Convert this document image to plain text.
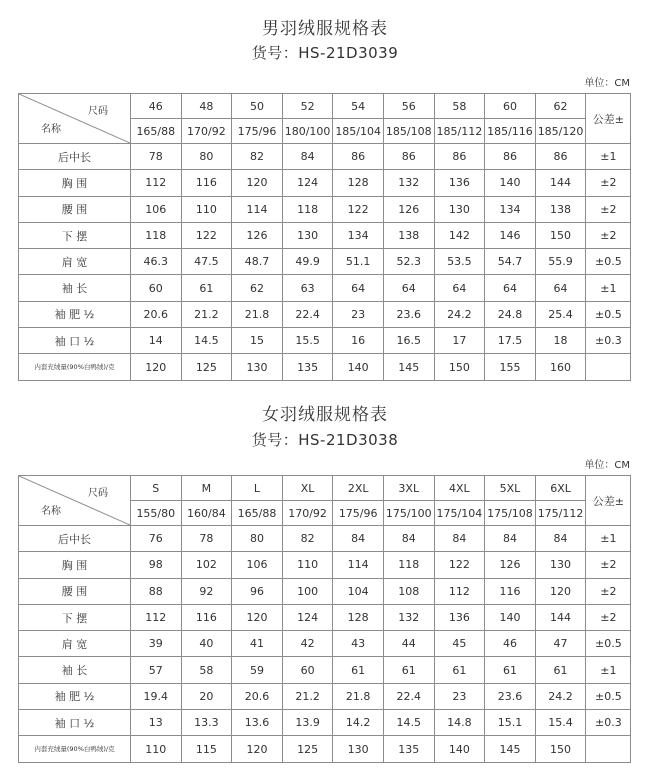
男羽绒服规格表
货号：HS-21D3039
单位：CM
尺码
名称	46	48	50	52	54	56	58	60	62	公差±
	165/88	170/92	175/96	180/100	185/104	185/108	185/112	185/116	185/120	
后中长	78	80	82	84	86	86	86	86	86	±1
胸 围	112	116	120	124	128	132	136	140	144	±2
腰 围	106	110	114	118	122	126	130	134	138	±2
下 摆	118	122	126	130	134	138	142	146	150	±2
肩 宽	46.3	47.5	48.7	49.9	51.1	52.3	53.5	54.7	55.9	±0.5
袖 长	60	61	62	63	64	64	64	64	64	±1
袖 肥 ½	20.6	21.2	21.8	22.4	23	23.6	24.2	24.8	25.4	±0.5
袖 口 ½	14	14.5	15	15.5	16	16.5	17	17.5	18	±0.3
内套充绒量(90%白鸭绒)/克	120	125	130	135	140	145	150	155	160	
女羽绒服规格表
货号：HS-21D3038
单位：CM
尺码
名称	S	M	L	XL	2XL	3XL	4XL	5XL	6XL	公差±
	155/80	160/84	165/88	170/92	175/96	175/100	175/104	175/108	175/112	
后中长	76	78	80	82	84	84	84	84	84	±1
胸 围	98	102	106	110	114	118	122	126	130	±2
腰 围	88	92	96	100	104	108	112	116	120	±2
下 摆	112	116	120	124	128	132	136	140	144	±2
肩 宽	39	40	41	42	43	44	45	46	47	±0.5
袖 长	57	58	59	60	61	61	61	61	61	±1
袖 肥 ½	19.4	20	20.6	21.2	21.8	22.4	23	23.6	24.2	±0.5
袖 口 ½	13	13.3	13.6	13.9	14.2	14.5	14.8	15.1	15.4	±0.3
内套充绒量(90%白鸭绒)/克	110	115	120	125	130	135	140	145	150	
